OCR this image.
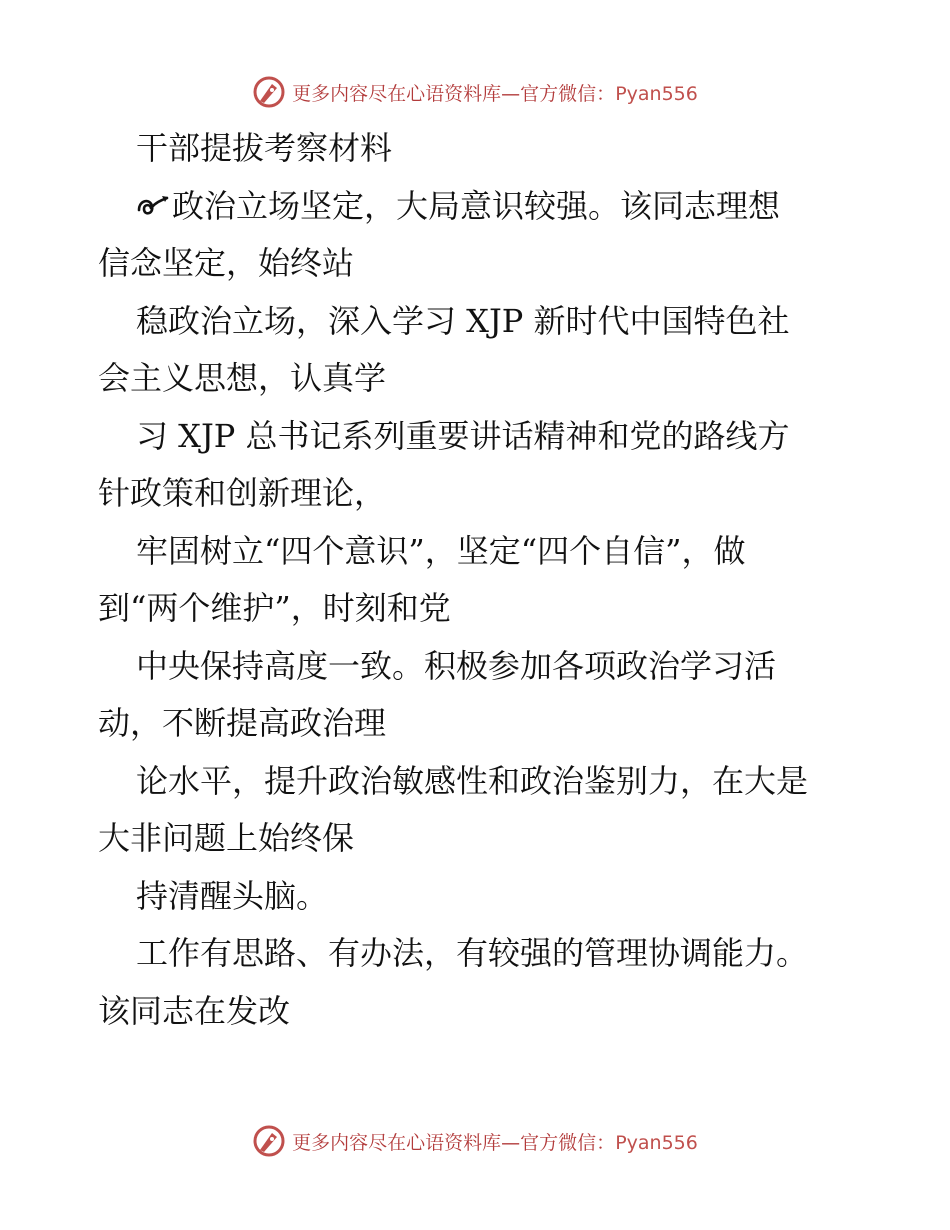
更多内容尽在心语资料库—官方微信：Pyan556
干部提拔考察材料
政治立场坚定，大局意识较强。该同志理想
信念坚定，始终站
稳政治立场，深入学习 XJP 新时代中国特色社
会主义思想，认真学
习 XJP 总书记系列重要讲话精神和党的路线方
针政策和创新理论，
牢固树立“四个意识”，坚定“四个自信”，做
到“两个维护”，时刻和党
中央保持高度一致。积极参加各项政治学习活
动，不断提高政治理
论水平，提升政治敏感性和政治鉴别力，在大是
大非问题上始终保
持清醒头脑。
工作有思路、有办法，有较强的管理协调能力。
该同志在发改
更多内容尽在心语资料库—官方微信：Pyan556
